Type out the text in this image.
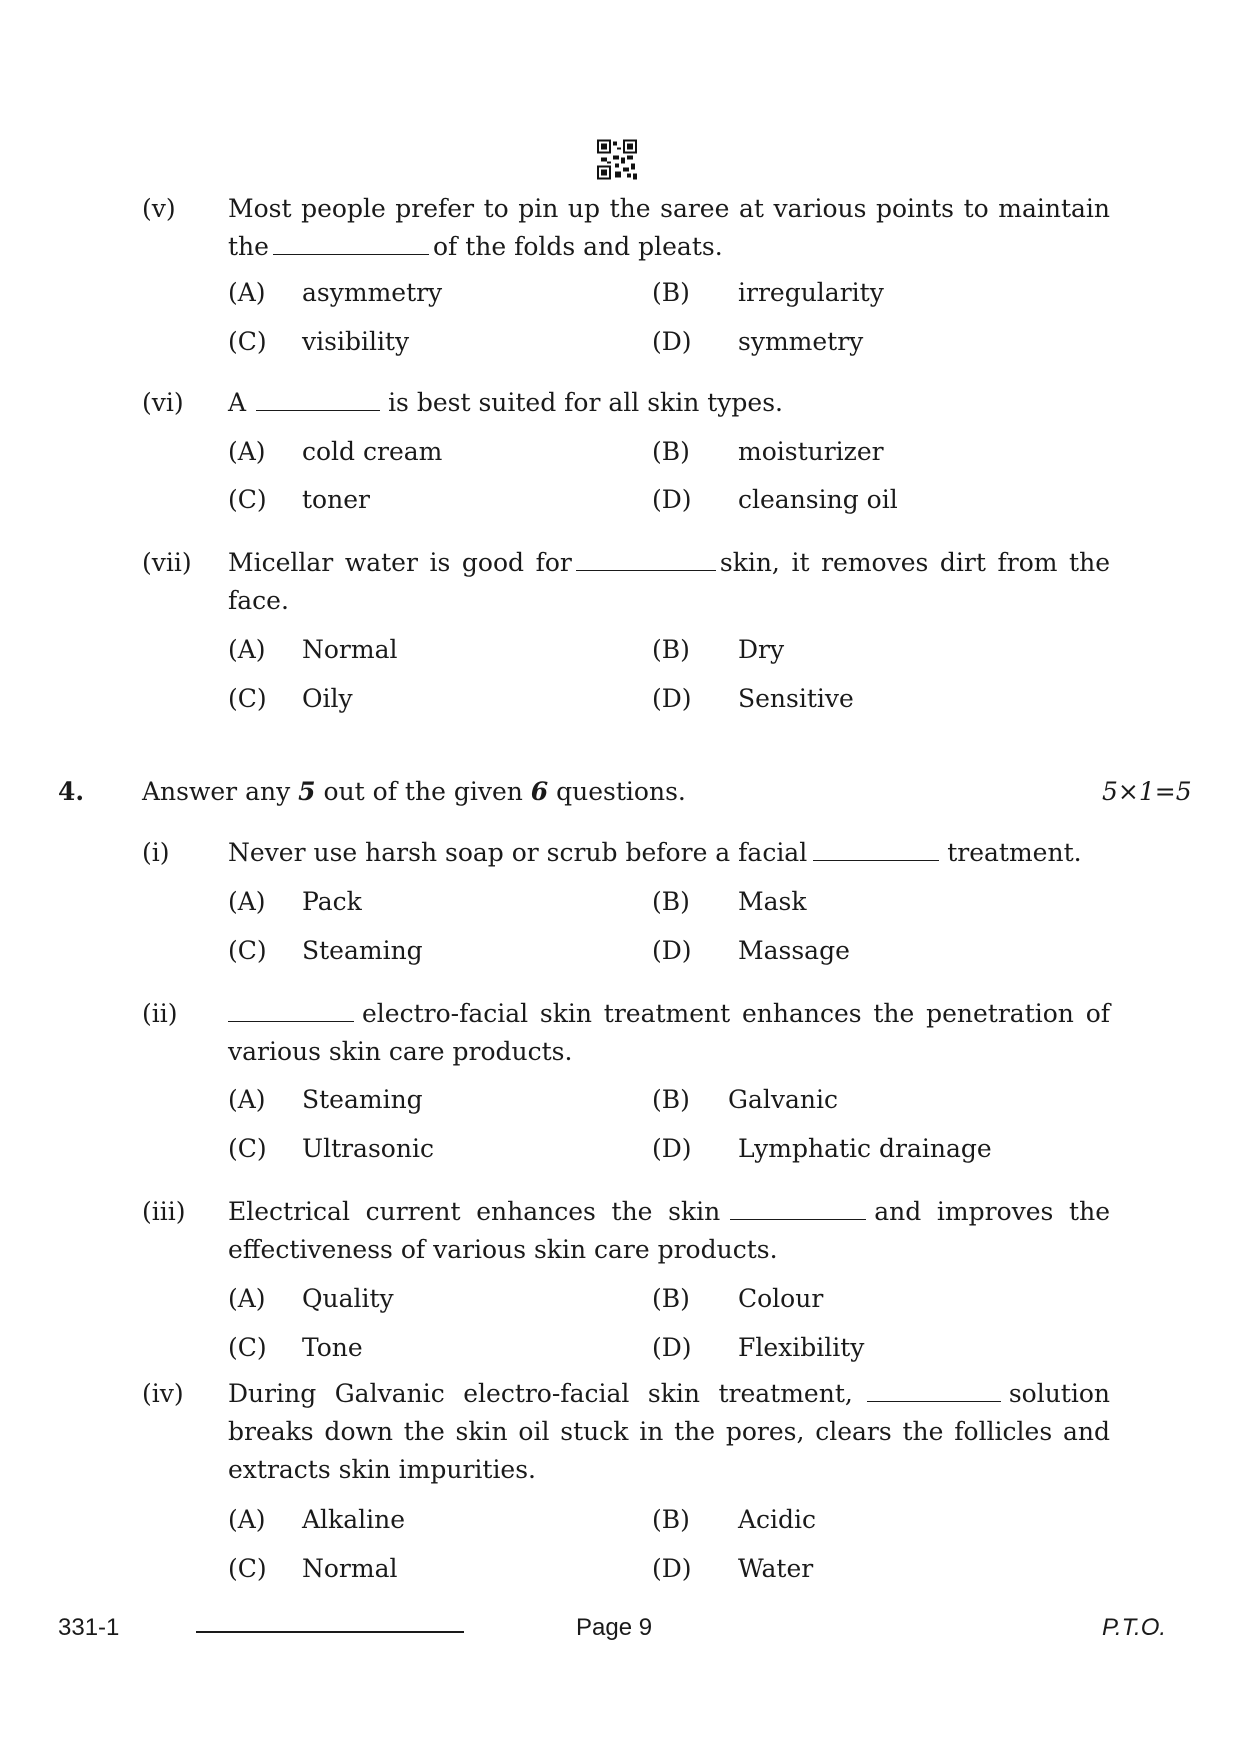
(v) Most people prefer to pin up the saree at various points to maintain the	of the folds and pleats.
(A) asymmetry	(B) irregularity
(C) visibility	(D) symmetry
(vi) A	is best suited for all skin types.
(A) cold cream	(B) moisturizer
(C) toner	(D) cleansing oil
(vii) Micellar water is good for	skin, it removes dirt from the face.
(A) Normal	(B) Dry
(C) Oily	(D) Sensitive
4. Answer any 5 out of the given 6 questions.	5×1=5
(i) Never use harsh soap or scrub before a facial	treatment.
(A) Pack	(B) Mask
(C) Steaming	(D) Massage
(ii)	electro-facial skin treatment enhances the penetration of various skin care products.
(A) Steaming	(B) Galvanic
(C) Ultrasonic	(D) Lymphatic drainage
(iii) Electrical current enhances the skin	and improves the effectiveness of various skin care products.
(A) Quality	(B) Colour
(C) Tone	(D) Flexibility
(iv) During Galvanic electro-facial skin treatment,	solution breaks down the skin oil stuck in the pores, clears the follicles and extracts skin impurities.
(A) Alkaline	(B) Acidic
(C) Normal	(D) Water
331-1	Page 9	P.T.O.
